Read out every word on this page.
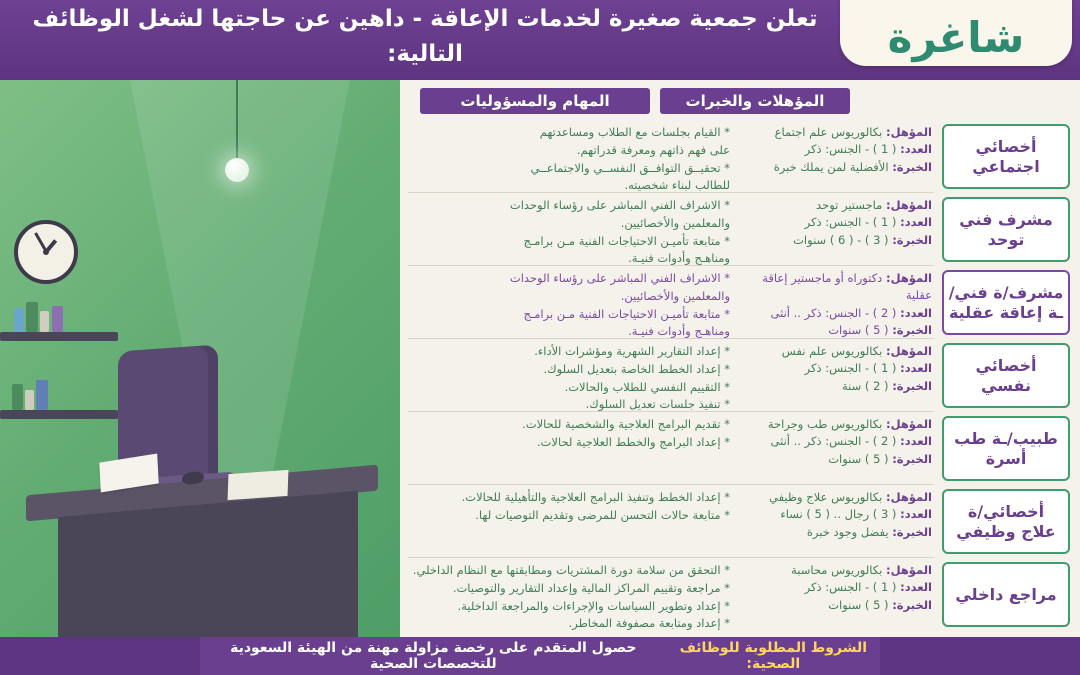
تعلن جمعية صغيرة لخدمات الإعاقة - داهين عن حاجتها لشغل الوظائف التالية:	شاغرة
المؤهلات والخبرات
المهام والمسؤوليات
أخصائي اجتماعي
المؤهل: بكالوريوس علم اجتماع
العدد: ( 1 ) - الجنس: ذكر
الخبرة: الأفضلية لمن يملك خبرة
* القيام بجلسات مع الطلاب ومساعدتهم
على فهم ذاتهم ومعرفة قدراتهم.
* تحقيــق التوافــق النفســي والاجتماعــي
للطالب لبناء شخصيته.
مشرف فني توحد
المؤهل: ماجستير توحد
العدد: ( 1 ) - الجنس: ذكر
الخبرة: ( 3 ) - ( 6 ) سنوات
* الاشراف الفني المباشر على رؤساء الوحدات
والمعلمين والأخصائيين.
* متابعة تأميـن الاحتياجات الفنية مـن برامـج
ومناهـج وأدوات فنيـة.
مشرف/ة فني/ـة إعاقة عقلية
المؤهل: دكتوراه أو ماجستير إعاقة عقلية
العدد: ( 2 ) - الجنس: ذكر .. أنثى
الخبرة: ( 5 ) سنوات
* الاشراف الفني المباشر على رؤساء الوحدات
والمعلمين والأخصائيين.
* متابعة تأميـن الاحتياجات الفنية مـن برامـج
ومناهـج وأدوات فنيـة.
أخصائي نفسي
المؤهل: بكالوريوس علم نفس
العدد: ( 1 ) - الجنس: ذكر
الخبرة: ( 2 ) سنة
* إعداد التقارير الشهرية ومؤشرات الأداء.
* إعداد الخطط الخاصة بتعديل السلوك.
* التقييم النفسي للطلاب والحالات.
* تنفيذ جلسات تعديل السلوك.
طبيب/ـة طب أسرة
المؤهل: بكالوريوس طب وجراحة
العدد: ( 2 ) - الجنس: ذكر .. أنثى
الخبرة: ( 5 ) سنوات
* تقديم البرامج العلاجية والشخصية للحالات.
* إعداد البرامج والخطط العلاجية لحالات.
أخصائي/ة علاج وظيفي
المؤهل: بكالوريوس علاج وظيفي
العدد: ( 3 ) رجال .. ( 5 ) نساء
الخبرة: يفضل وجود خبرة
* إعداد الخطط وتنفيذ البرامج العلاجية والتأهيلية للحالات.
* متابعة حالات التحسن للمرضى وتقديم التوصيات لها.
مراجع داخلي
المؤهل: بكالوريوس محاسبة
العدد: ( 1 ) - الجنس: ذكر
الخبرة: ( 5 ) سنوات
* التحقق من سلامة دورة المشتريات ومطابقتها مع النظام الداخلي.
* مراجعة وتقييم المراكز المالية وإعداد التقارير والتوصيات.
* إعداد وتطوير السياسات والإجراءات والمراجعة الداخلية.
* إعداد ومتابعة مصفوفة المخاطر.
الشروط المطلوبة للوظائف الصحية:
حصول المتقدم على رخصة مزاولة مهنة من الهيئة السعودية للتخصصات الصحية
